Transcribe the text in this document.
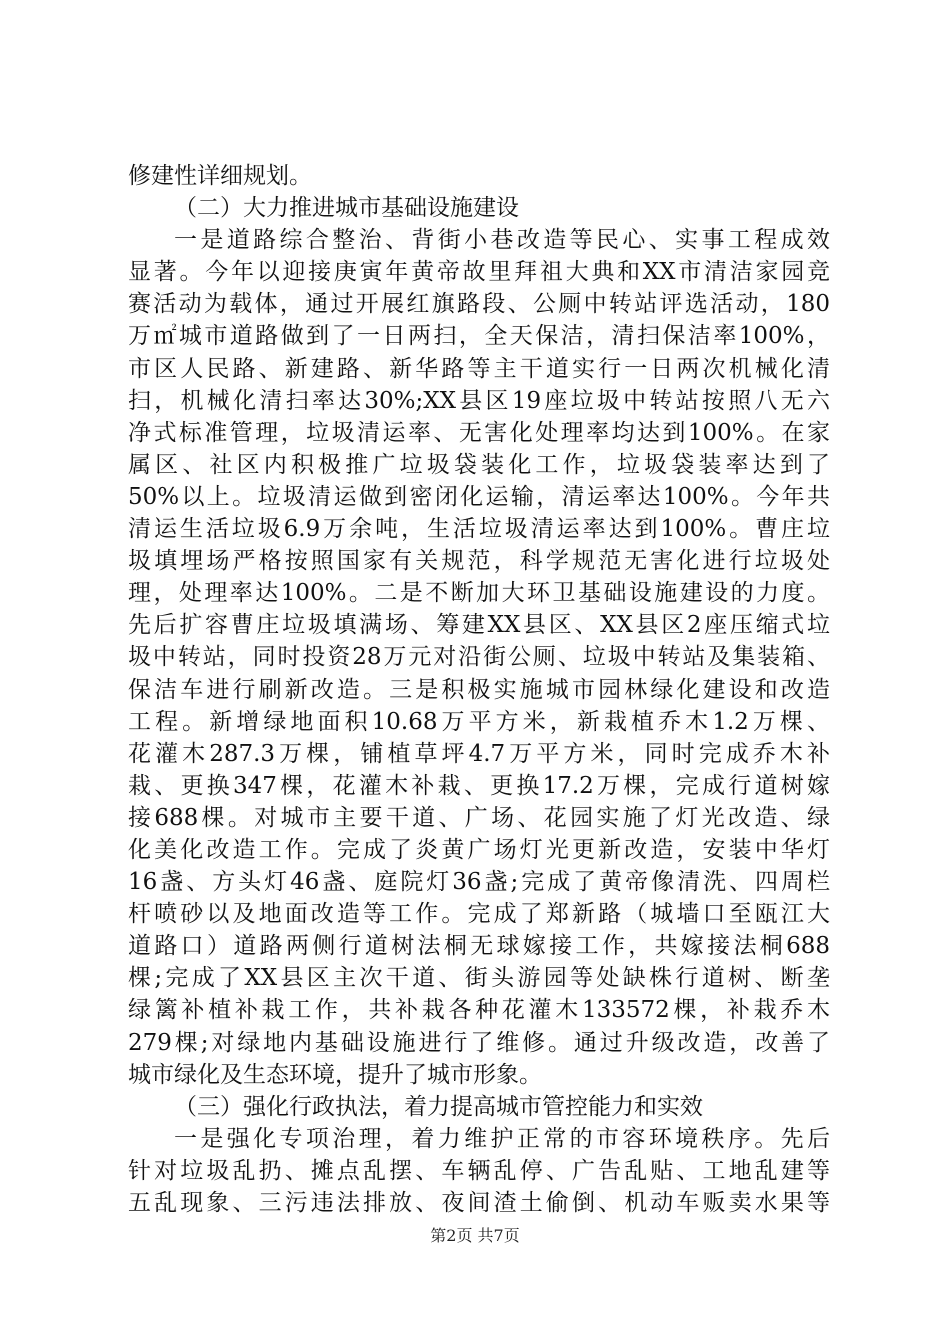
修建性详细规划。
（二）大力推进城市基础设施建设
一是道路综合整治、背街小巷改造等民心、实事工程成效
显著。今年以迎接庚寅年黄帝故里拜祖大典和XX市清洁家园竞
赛活动为载体，通过开展红旗路段、公厕中转站评选活动，180
万㎡城市道路做到了一日两扫，全天保洁，清扫保洁率100%，
市区人民路、新建路、新华路等主干道实行一日两次机械化清
扫，机械化清扫率达30%;XX县区19座垃圾中转站按照八无六
净式标准管理，垃圾清运率、无害化处理率均达到100%。在家
属区、社区内积极推广垃圾袋装化工作，垃圾袋装率达到了
50%以上。垃圾清运做到密闭化运输，清运率达100%。今年共
清运生活垃圾6.9万余吨，生活垃圾清运率达到100%。曹庄垃
圾填埋场严格按照国家有关规范，科学规范无害化进行垃圾处
理，处理率达100%。二是不断加大环卫基础设施建设的力度。
先后扩容曹庄垃圾填满场、筹建XX县区、XX县区2座压缩式垃
圾中转站，同时投资28万元对沿街公厕、垃圾中转站及集装箱、
保洁车进行刷新改造。三是积极实施城市园林绿化建设和改造
工程。新增绿地面积10.68万平方米，新栽植乔木1.2万棵、
花灌木287.3万棵，铺植草坪4.7万平方米，同时完成乔木补
栽、更换347棵，花灌木补栽、更换17.2万棵，完成行道树嫁
接688棵。对城市主要干道、广场、花园实施了灯光改造、绿
化美化改造工作。完成了炎黄广场灯光更新改造，安装中华灯
16盏、方头灯46盏、庭院灯36盏;完成了黄帝像清洗、四周栏
杆喷砂以及地面改造等工作。完成了郑新路（城墙口至瓯江大
道路口）道路两侧行道树法桐无球嫁接工作，共嫁接法桐688
棵;完成了XX县区主次干道、街头游园等处缺株行道树、断垄
绿篱补植补栽工作，共补栽各种花灌木133572棵，补栽乔木
279棵;对绿地内基础设施进行了维修。通过升级改造，改善了
城市绿化及生态环境，提升了城市形象。
（三）强化行政执法，着力提高城市管控能力和实效
一是强化专项治理，着力维护正常的市容环境秩序。先后
针对垃圾乱扔、摊点乱摆、车辆乱停、广告乱贴、工地乱建等
五乱现象、三污违法排放、夜间渣土偷倒、机动车贩卖水果等
第2页 共7页
